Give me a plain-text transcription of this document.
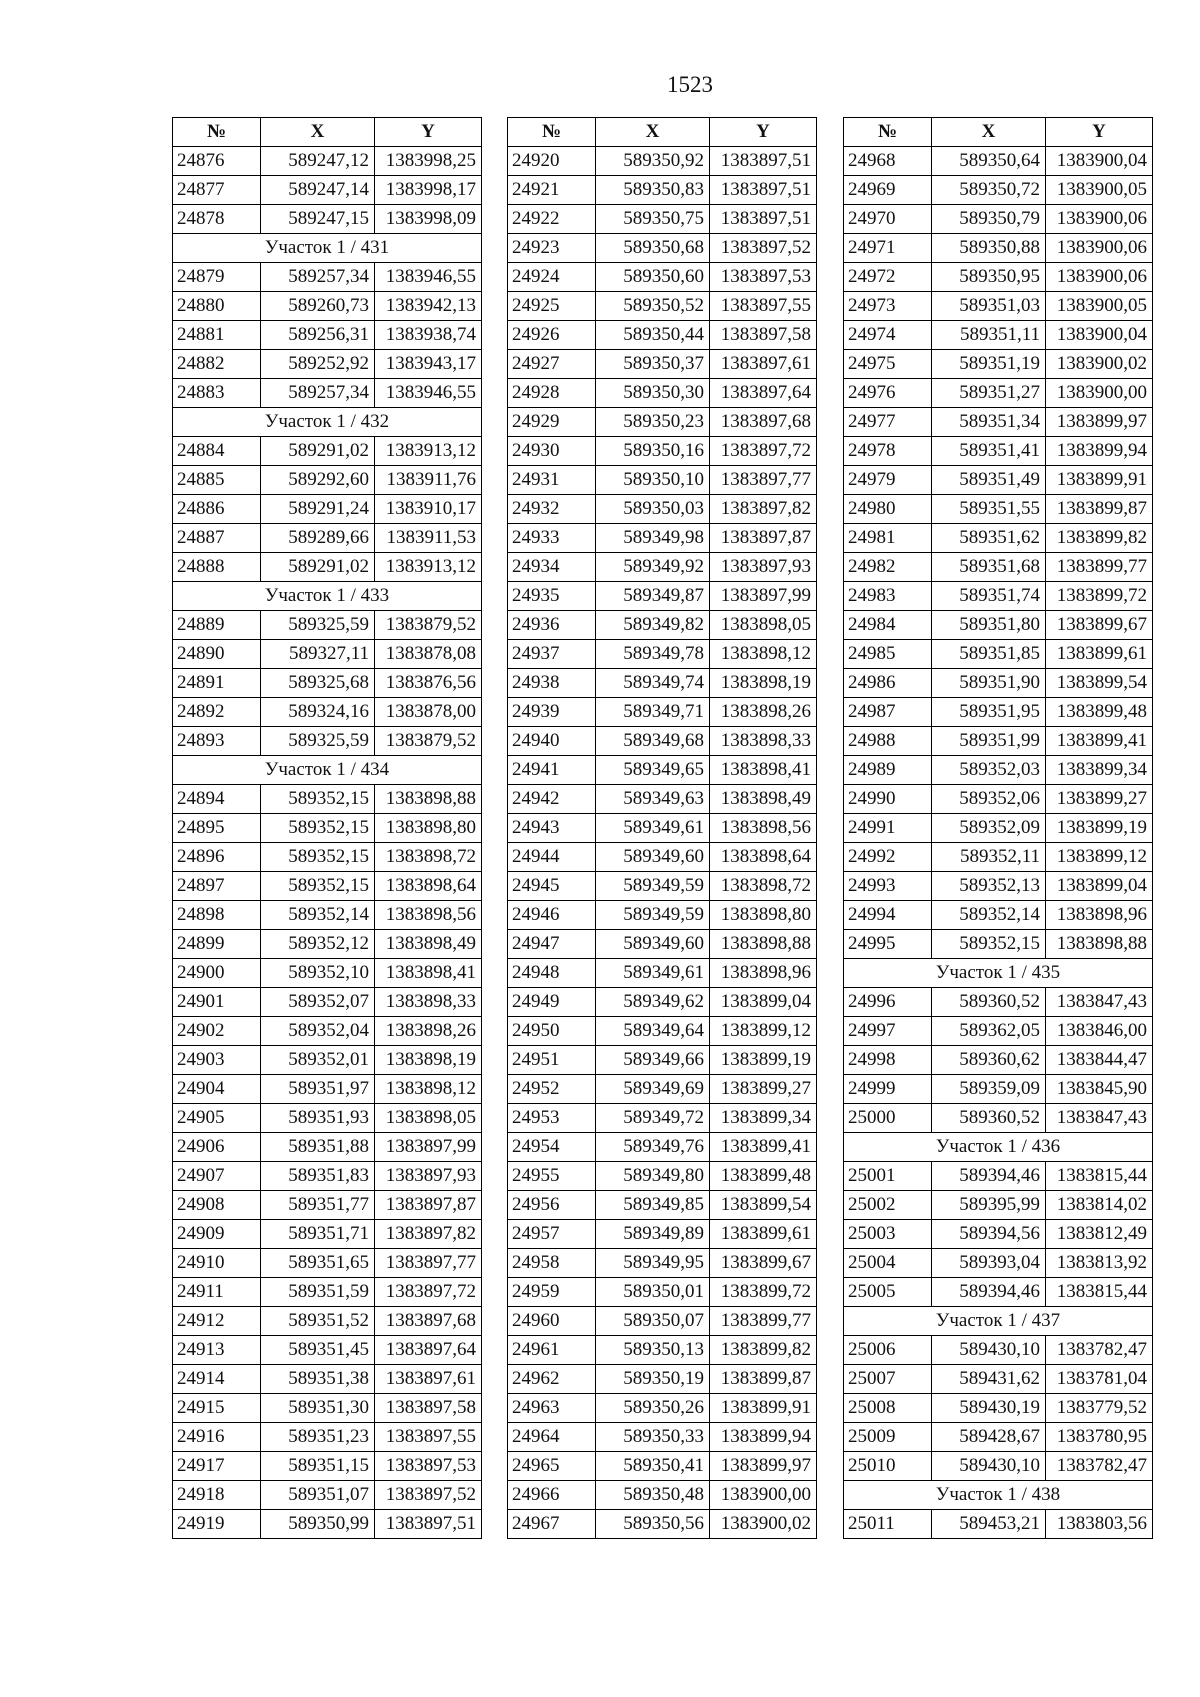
1523
№	X	Y
24876	589247,12	1383998,25
24877	589247,14	1383998,17
24878	589247,15	1383998,09
Участок 1 / 431		
24879	589257,34	1383946,55
24880	589260,73	1383942,13
24881	589256,31	1383938,74
24882	589252,92	1383943,17
24883	589257,34	1383946,55
Участок 1 / 432		
24884	589291,02	1383913,12
24885	589292,60	1383911,76
24886	589291,24	1383910,17
24887	589289,66	1383911,53
24888	589291,02	1383913,12
Участок 1 / 433		
24889	589325,59	1383879,52
24890	589327,11	1383878,08
24891	589325,68	1383876,56
24892	589324,16	1383878,00
24893	589325,59	1383879,52
Участок 1 / 434		
24894	589352,15	1383898,88
24895	589352,15	1383898,80
24896	589352,15	1383898,72
24897	589352,15	1383898,64
24898	589352,14	1383898,56
24899	589352,12	1383898,49
24900	589352,10	1383898,41
24901	589352,07	1383898,33
24902	589352,04	1383898,26
24903	589352,01	1383898,19
24904	589351,97	1383898,12
24905	589351,93	1383898,05
24906	589351,88	1383897,99
24907	589351,83	1383897,93
24908	589351,77	1383897,87
24909	589351,71	1383897,82
24910	589351,65	1383897,77
24911	589351,59	1383897,72
24912	589351,52	1383897,68
24913	589351,45	1383897,64
24914	589351,38	1383897,61
24915	589351,30	1383897,58
24916	589351,23	1383897,55
24917	589351,15	1383897,53
24918	589351,07	1383897,52
24919	589350,99	1383897,51
№	X	Y
24920	589350,92	1383897,51
24921	589350,83	1383897,51
24922	589350,75	1383897,51
24923	589350,68	1383897,52
24924	589350,60	1383897,53
24925	589350,52	1383897,55
24926	589350,44	1383897,58
24927	589350,37	1383897,61
24928	589350,30	1383897,64
24929	589350,23	1383897,68
24930	589350,16	1383897,72
24931	589350,10	1383897,77
24932	589350,03	1383897,82
24933	589349,98	1383897,87
24934	589349,92	1383897,93
24935	589349,87	1383897,99
24936	589349,82	1383898,05
24937	589349,78	1383898,12
24938	589349,74	1383898,19
24939	589349,71	1383898,26
24940	589349,68	1383898,33
24941	589349,65	1383898,41
24942	589349,63	1383898,49
24943	589349,61	1383898,56
24944	589349,60	1383898,64
24945	589349,59	1383898,72
24946	589349,59	1383898,80
24947	589349,60	1383898,88
24948	589349,61	1383898,96
24949	589349,62	1383899,04
24950	589349,64	1383899,12
24951	589349,66	1383899,19
24952	589349,69	1383899,27
24953	589349,72	1383899,34
24954	589349,76	1383899,41
24955	589349,80	1383899,48
24956	589349,85	1383899,54
24957	589349,89	1383899,61
24958	589349,95	1383899,67
24959	589350,01	1383899,72
24960	589350,07	1383899,77
24961	589350,13	1383899,82
24962	589350,19	1383899,87
24963	589350,26	1383899,91
24964	589350,33	1383899,94
24965	589350,41	1383899,97
24966	589350,48	1383900,00
24967	589350,56	1383900,02
№	X	Y
24968	589350,64	1383900,04
24969	589350,72	1383900,05
24970	589350,79	1383900,06
24971	589350,88	1383900,06
24972	589350,95	1383900,06
24973	589351,03	1383900,05
24974	589351,11	1383900,04
24975	589351,19	1383900,02
24976	589351,27	1383900,00
24977	589351,34	1383899,97
24978	589351,41	1383899,94
24979	589351,49	1383899,91
24980	589351,55	1383899,87
24981	589351,62	1383899,82
24982	589351,68	1383899,77
24983	589351,74	1383899,72
24984	589351,80	1383899,67
24985	589351,85	1383899,61
24986	589351,90	1383899,54
24987	589351,95	1383899,48
24988	589351,99	1383899,41
24989	589352,03	1383899,34
24990	589352,06	1383899,27
24991	589352,09	1383899,19
24992	589352,11	1383899,12
24993	589352,13	1383899,04
24994	589352,14	1383898,96
24995	589352,15	1383898,88
Участок 1 / 435		
24996	589360,52	1383847,43
24997	589362,05	1383846,00
24998	589360,62	1383844,47
24999	589359,09	1383845,90
25000	589360,52	1383847,43
Участок 1 / 436		
25001	589394,46	1383815,44
25002	589395,99	1383814,02
25003	589394,56	1383812,49
25004	589393,04	1383813,92
25005	589394,46	1383815,44
Участок 1 / 437		
25006	589430,10	1383782,47
25007	589431,62	1383781,04
25008	589430,19	1383779,52
25009	589428,67	1383780,95
25010	589430,10	1383782,47
Участок 1 / 438		
25011	589453,21	1383803,56
